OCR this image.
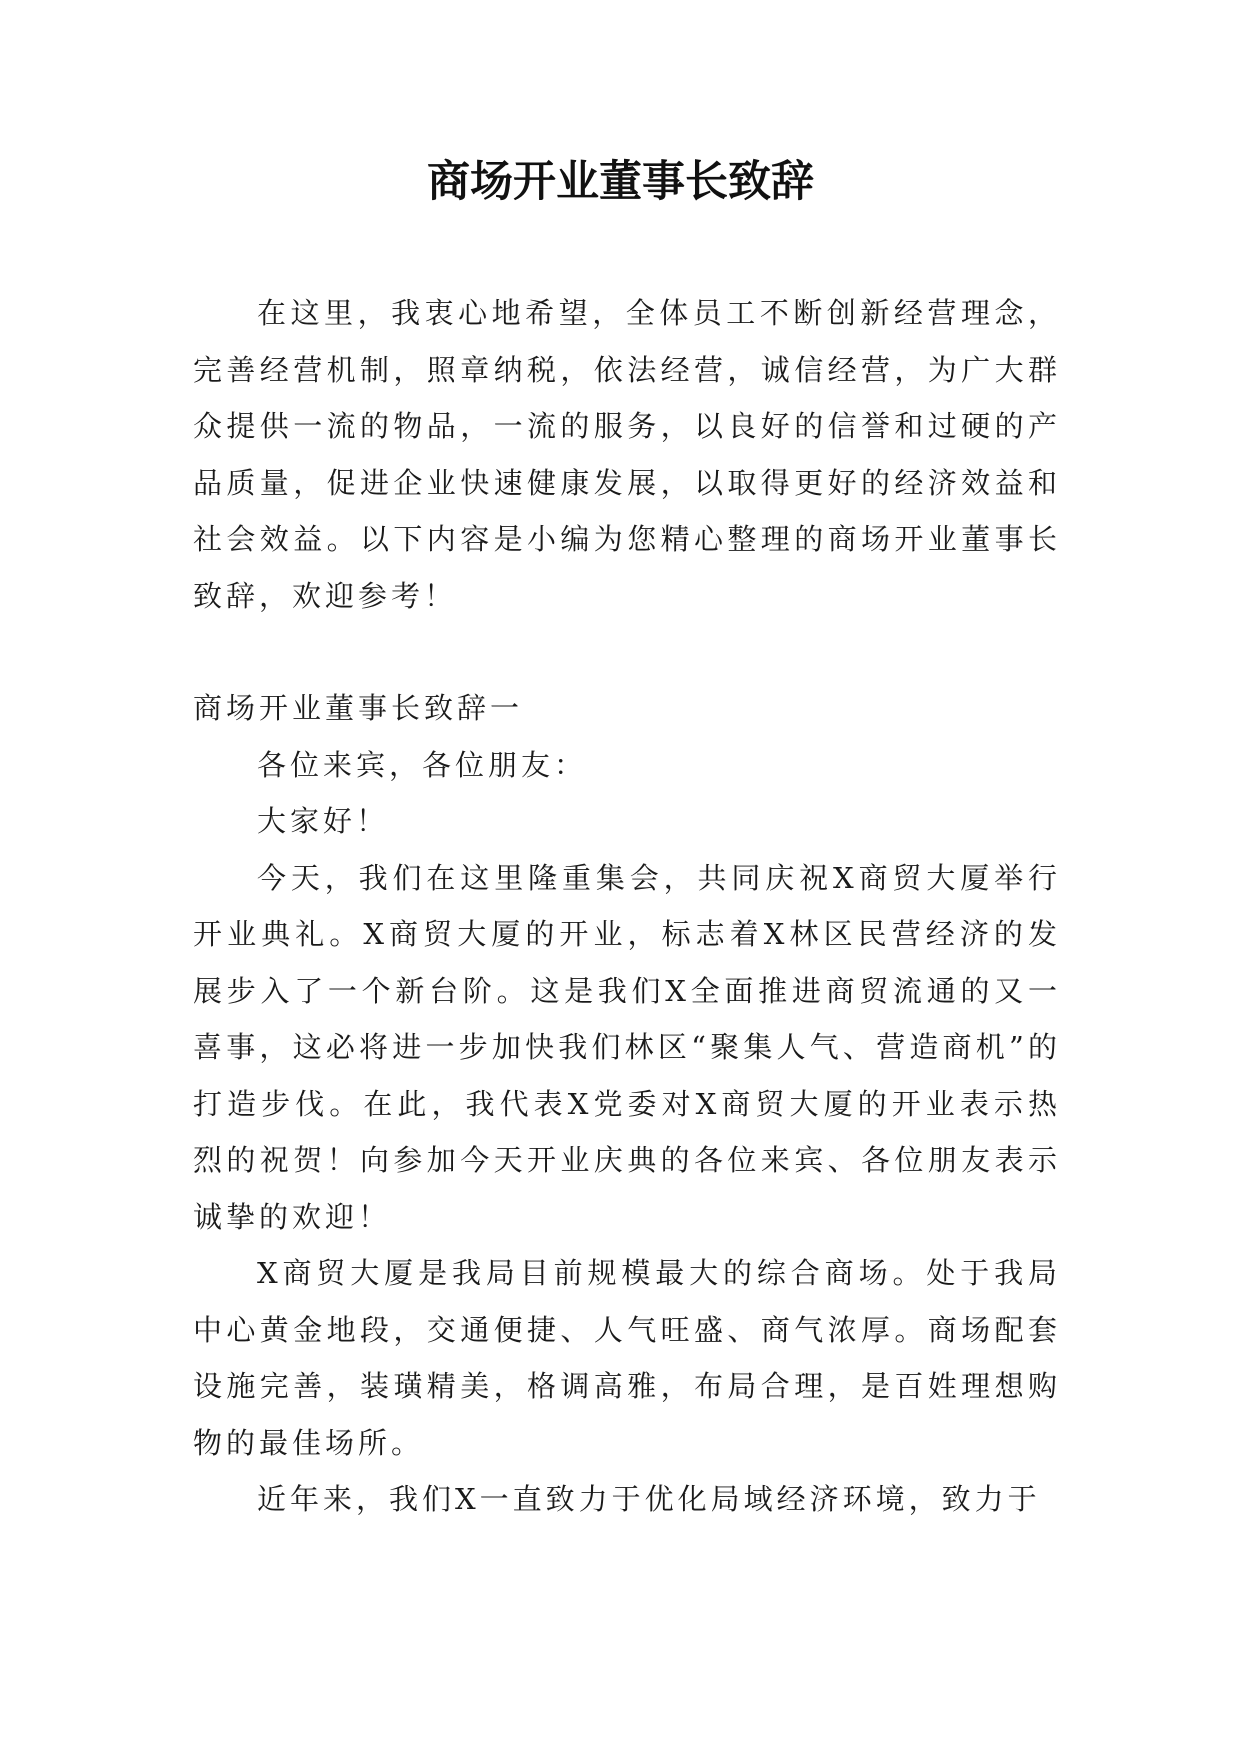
商场开业董事长致辞

在这里，我衷心地希望，全体员工不断创新经营理念，完善经营机制，照章纳税，依法经营，诚信经营，为广大群众提供一流的物品，一流的服务，以良好的信誉和过硬的产品质量，促进企业快速健康发展，以取得更好的经济效益和社会效益。以下内容是小编为您精心整理的商场开业董事长致辞，欢迎参考！

商场开业董事长致辞一

各位来宾，各位朋友：

大家好！

今天，我们在这里隆重集会，共同庆祝X商贸大厦举行开业典礼。X商贸大厦的开业，标志着X林区民营经济的发展步入了一个新台阶。这是我们X全面推进商贸流通的又一喜事，这必将进一步加快我们林区“聚集人气、营造商机”的打造步伐。在此，我代表X党委对X商贸大厦的开业表示热烈的祝贺！向参加今天开业庆典的各位来宾、各位朋友表示诚挚的欢迎！

X商贸大厦是我局目前规模最大的综合商场。处于我局中心黄金地段，交通便捷、人气旺盛、商气浓厚。商场配套设施完善，装璜精美，格调高雅，布局合理，是百姓理想购物的最佳场所。

近年来，我们X一直致力于优化局域经济环境，致力于
